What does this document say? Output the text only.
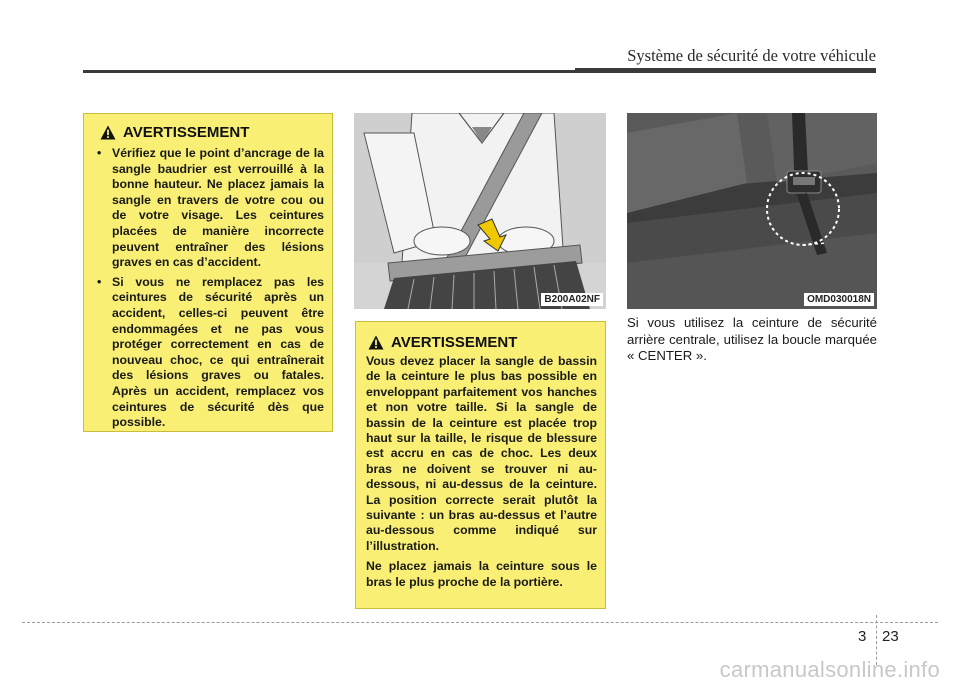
Système de sécurité de votre véhicule
AVERTISSEMENT
• Vérifiez que le point d’ancrage de la sangle baudrier est verrouillé à la bonne hauteur. Ne placez jamais la sangle en travers de votre cou ou de votre visage. Les ceintures placées de manière incorrecte peuvent entraîner des lésions graves en cas d’accident.
• Si vous ne remplacez pas les ceintures de sécurité après un accident, celles-ci peuvent être endommagées et ne pas vous protéger correctement en cas de nouveau choc, ce qui entraînerait des lésions graves ou fatales. Après un accident, remplacez vos ceintures de sécurité dès que possible.
B200A02NF	OMD030018N
Si vous utilisez la ceinture de sécurité arrière centrale, utilisez la boucle marquée « CENTER ».
AVERTISSEMENT

Vous devez placer la sangle de bassin de la ceinture le plus bas possible en enveloppant parfaitement vos hanches et non votre taille. Si la sangle de bassin de la ceinture est placée trop haut sur la taille, le risque de blessure est accru en cas de choc. Les deux bras ne doivent se trouver ni au-dessous, ni au-dessus de la ceinture. La position correcte serait plutôt la suivante : un bras au-dessus et l’autre au-dessous comme indiqué sur l’illustration.

Ne placez jamais la ceinture sous le bras le plus proche de la portière.

3 23
carmanualsonline.info
